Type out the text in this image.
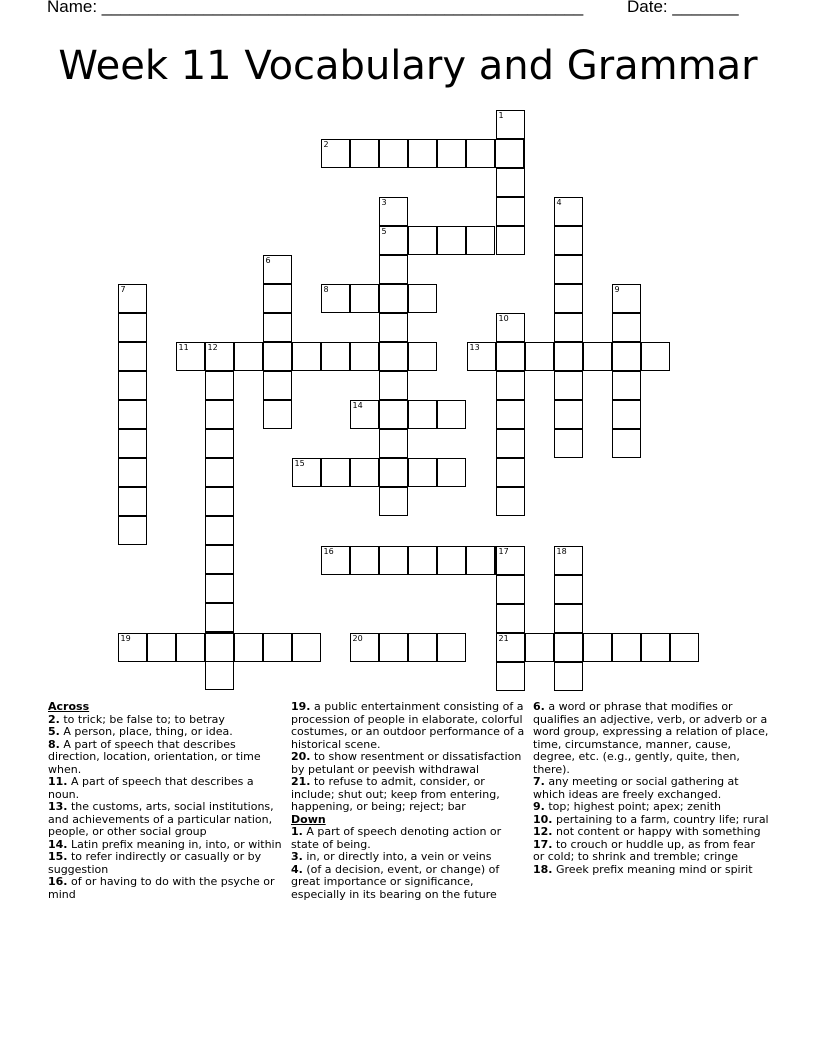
Name: ____________________________________________________	Date: _______
Week 11 Vocabulary and Grammar
1
2
3
5
4
6
7	8	9
10
11 12	13
14
15
16	17
21
18
19	20

Across

2. to trick; be false to; to betray

5. A person, place, thing, or idea.

8. A part of speech that describes direction, location, orientation, or time when.

11. A part of speech that describes a noun.

13. the customs, arts, social institutions, and achievements of a particular nation, people, or other social group

14. Latin prefix meaning in, into, or within

15. to refer indirectly or casually or by suggestion

16. of or having to do with the psyche or mind

19. a public entertainment consisting of a procession of people in elaborate, colorful costumes, or an outdoor performance of a historical scene.

20. to show resentment or dissatisfaction by petulant or peevish withdrawal

21. to refuse to admit, consider, or include; shut out; keep from entering, happening, or being; reject; bar

Down

1. A part of speech denoting action or state of being.

3. in, or directly into, a vein or veins

4. (of a decision, event, or change) of great importance or significance, especially in its bearing on the future

6. a word or phrase that modifies or qualifies an adjective, verb, or adverb or a word group, expressing a relation of place, time, circumstance, manner, cause, degree, etc. (e.g., gently, quite, then, there).

7. any meeting or social gathering at which ideas are freely exchanged.

9. top; highest point; apex; zenith

10. pertaining to a farm, country life; rural

12. not content or happy with something

17. to crouch or huddle up, as from fear or cold; to shrink and tremble; cringe

18. Greek prefix meaning mind or spirit
